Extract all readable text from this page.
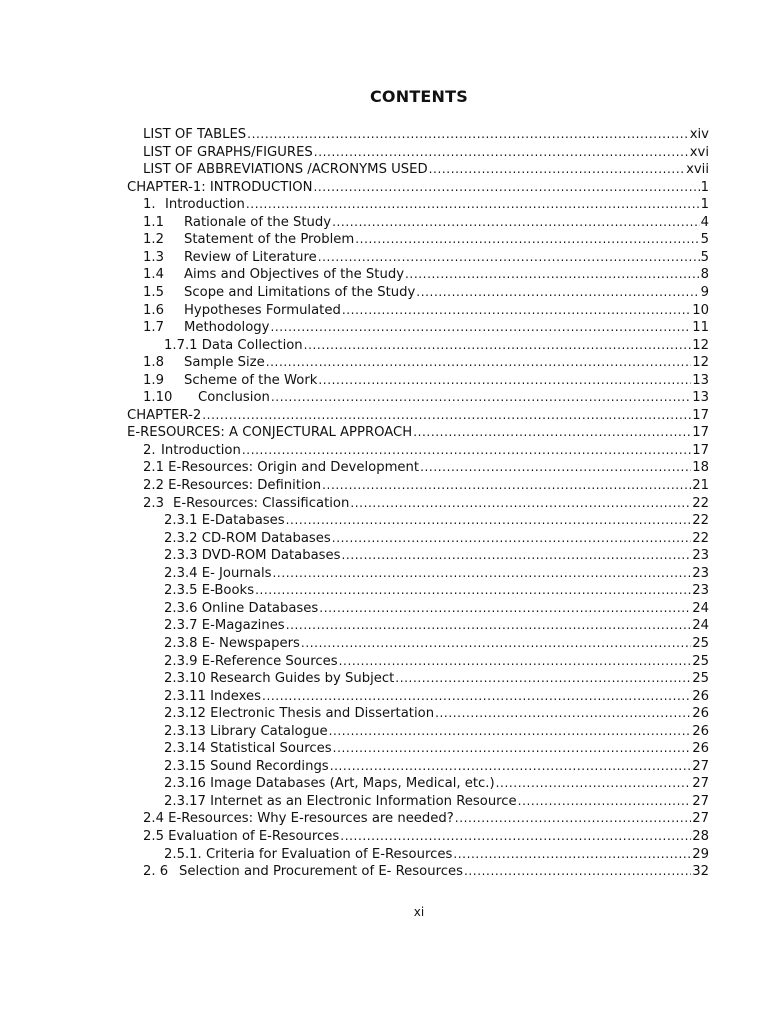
CONTENTS
LIST OF TABLES .....	xiv
LIST OF GRAPHS/FIGURES .....	xvi
LIST OF ABBREVIATIONS /ACRONYMS USED .....	xvii
CHAPTER-1: INTRODUCTION .....	1
1. Introduction .....	1
1.1	Rationale of the Study .....	4
1.2	Statement of the Problem .....	5
1.3	Review of Literature .....	5
1.4	Aims and Objectives of the Study .....	8
1.5	Scope and Limitations of the Study .....	9
1.6	Hypotheses Formulated .....	10
1.7	Methodology .....	11
1.7.1 Data Collection .....	12
1.8	Sample Size .....	12
1.9	Scheme of the Work .....	13
1.10	Conclusion .....	13
CHAPTER-2 .....	17
E-RESOURCES: A CONJECTURAL APPROACH .....	17
2. Introduction .....	17
2.1 E-Resources: Origin and Development .....	18
2.2 E-Resources: Definition .....	21
2.3 E-Resources: Classification .....	22
2.3.1 E-Databases .....	22
2.3.2 CD-ROM Databases .....	22
2.3.3 DVD-ROM Databases .....	23
2.3.4 E- Journals .....	23
2.3.5 E-Books .....	23
2.3.6 Online Databases .....	24
2.3.7 E-Magazines .....	24
2.3.8 E- Newspapers .....	25
2.3.9 E-Reference Sources .....	25
2.3.10 Research Guides by Subject .....	25
2.3.11 Indexes .....	26
2.3.12 Electronic Thesis and Dissertation .....	26
2.3.13 Library Catalogue .....	26
2.3.14 Statistical Sources .....	26
2.3.15 Sound Recordings .....	27
2.3.16 Image Databases (Art, Maps, Medical, etc.) .....	27
2.3.17 Internet as an Electronic Information Resource .....	27
2.4 E-Resources: Why E-resources are needed? .....	27
2.5 Evaluation of E-Resources .....	28
2.5.1. Criteria for Evaluation of E-Resources .....	29
2. 6 Selection and Procurement of E- Resources .....	32
xi
